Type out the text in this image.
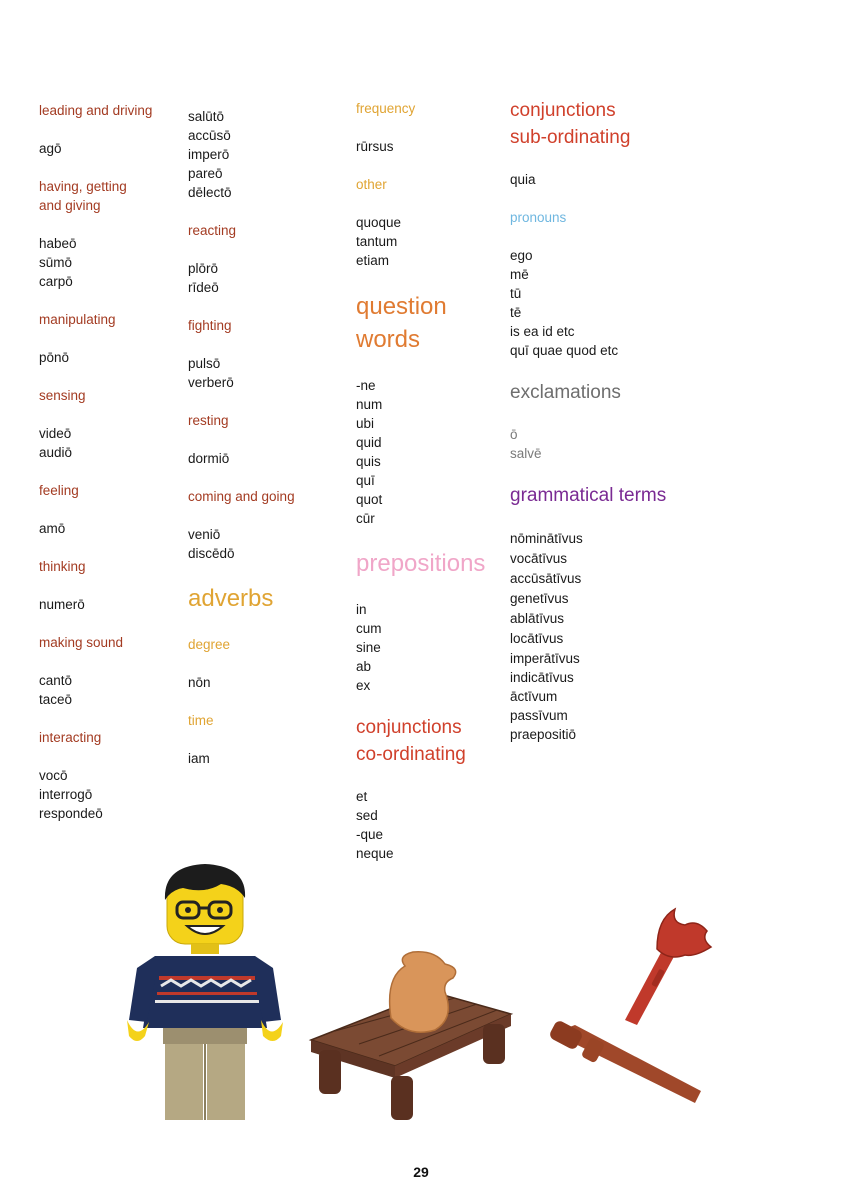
leading and driving
agō
having, getting
and giving
habeō
sūmō
carpō
manipulating
pōnō
sensing
videō
audiō
feeling
amō
thinking
numerō
making sound
cantō
taceō
interacting
vocō
interrogō
respondeō
salūtō
accūsō
imperō
pareō
dēlectō
reacting
plōrō
rīdeō
fighting
pulsō
verberō
resting
dormiō
coming and going
veniō
discēdō
adverbs
degree
nōn
time
iam
frequency
rūrsus
other
quoque
tantum
etiam
question
words
-ne
num
ubi
quid
quis
quī
quot
cūr
prepositions
in
cum
sine
ab
ex
conjunctions
co-ordinating
et
sed
-que
neque
conjunctions
sub-ordinating
quia
pronouns
ego
mē
tū
tē
is ea id etc
quī quae quod etc
exclamations
ō
salvē
grammatical terms
nōminātīvus
vocātīvus
accūsātīvus
genetīvus
ablātīvus
locātīvus
imperātīvus
indicātīvus
āctīvum
passīvum
praepositiō
29
